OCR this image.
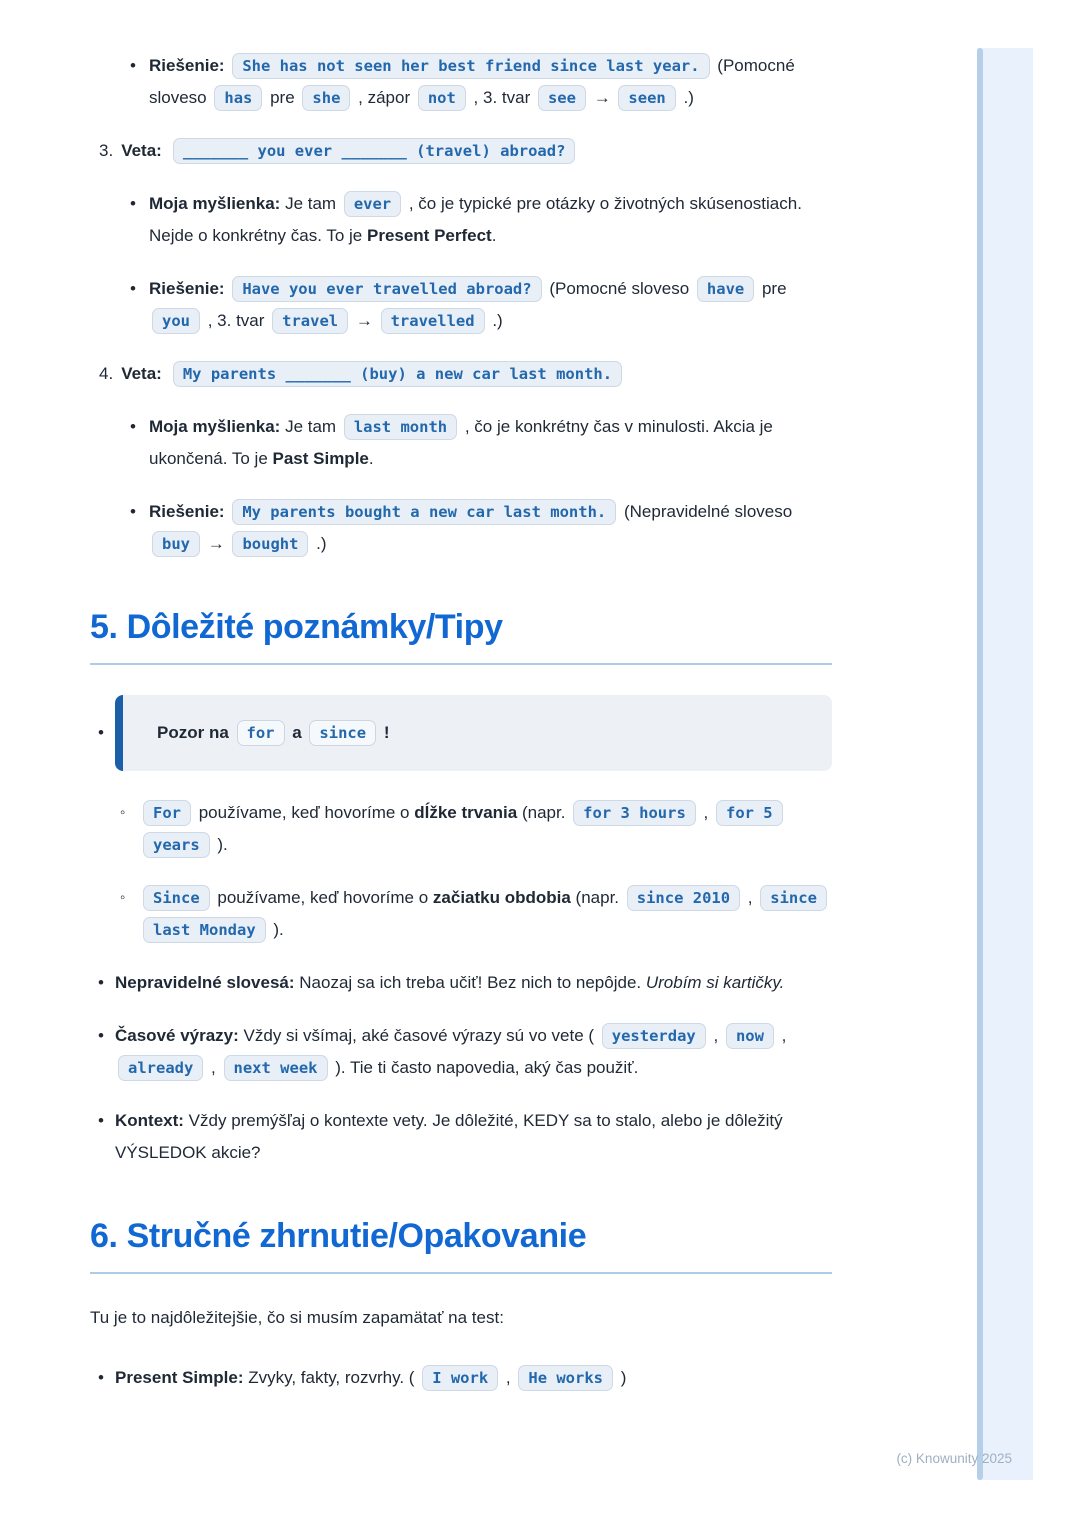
•
Riešenie: She has not seen her best friend since last year. (Pomocné sloveso has pre she , zápor not , 3. tvar see → seen .)
3. Veta: _______ you ever _______ (travel) abroad?
•
Moja myšlienka: Je tam ever , čo je typické pre otázky o životných skúsenostiach. Nejde o konkrétny čas. To je Present Perfect.
•
Riešenie: Have you ever travelled abroad? (Pomocné sloveso have pre you , 3. tvar travel → travelled .)
4. Veta: My parents _______ (buy) a new car last month.
•
Moja myšlienka: Je tam last month , čo je konkrétny čas v minulosti. Akcia je ukončená. To je Past Simple.
•
Riešenie: My parents bought a new car last month. (Nepravidelné sloveso buy → bought .)
5. Dôležité poznámky/Tipy
•
Pozor na for a since !
◦
For používame, keď hovoríme o dĺžke trvania (napr. for 3 hours , for 5 years ).
◦
Since používame, keď hovoríme o začiatku obdobia (napr. since 2010 , since last Monday ).
•
Nepravidelné slovesá: Naozaj sa ich treba učiť! Bez nich to nepôjde. Urobím si kartičky.
•
Časové výrazy: Vždy si všímaj, aké časové výrazy sú vo vete ( yesterday , now , already , next week ). Tie ti často napovedia, aký čas použiť.
•
Kontext: Vždy premýšľaj o kontexte vety. Je dôležité, KEDY sa to stalo, alebo je dôležitý VÝSLEDOK akcie?
6. Stručné zhrnutie/Opakovanie

Tu je to najdôležitejšie, čo si musím zapamätať na test:

•
Present Simple: Zvyky, fakty, rozvrhy. ( I work , He works )
(c) Knowunity 2025
